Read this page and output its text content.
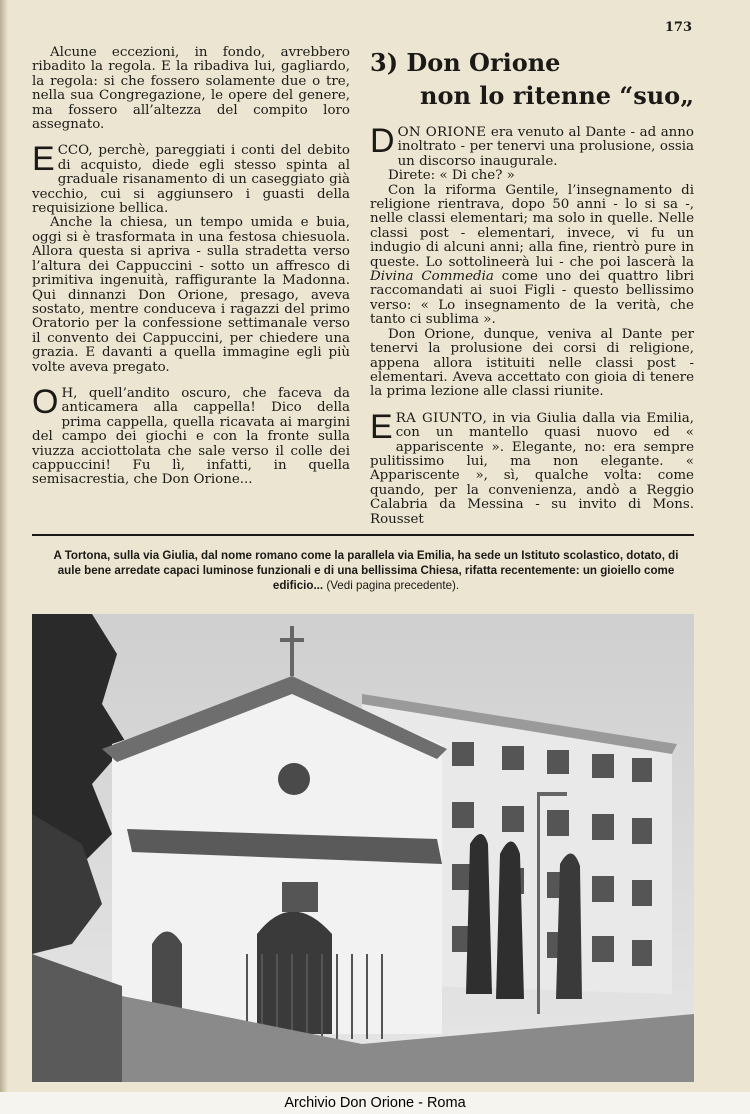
173

Alcune eccezioni, in fondo, avrebbero ribadito la regola. E la ribadiva lui, gagliardo, la regola: si che fossero solamente due o tre, nella sua Congregazione, le opere del genere, ma fossero all’altezza del compito loro assegnato.

ECCO, perchè, pareggiati i conti del debito di acquisto, diede egli stesso spinta al graduale risanamento di un caseggiato già vecchio, cui si aggiunsero i guasti della requisizione bellica.

Anche la chiesa, un tempo umida e buia, oggi si è trasformata in una festosa chiesuola. Allora questa si apriva - sulla stradetta verso l’altura dei Cappuccini - sotto un affresco di primitiva ingenuità, raffigurante la Madonna. Qui dinnanzi Don Orione, presago, aveva sostato, mentre conduceva i ragazzi del primo Oratorio per la confessione settimanale verso il convento dei Cappuccini, per chiedere una grazia. E davanti a quella immagine egli più volte aveva pregato.

O H, quell’andito oscuro, che faceva da anticamera alla cappella! Dico della prima cappella, quella ricavata ai margini del campo dei giochi e con la fronte sulla viuzza acciottolata che sale verso il colle dei cappuccini! Fu lì, infatti, in quella semisacrestia, che Don Orione...

3) Don Orione
non lo ritenne “suo„

DON ORIONE era venuto al Dante - ad anno inoltrato - per tenervi una prolusione, ossia un discorso inaugurale.

Direte: « Di che? »

Con la riforma Gentile, l’insegnamento di religione rientrava, dopo 50 anni - lo si sa -, nelle classi elementari; ma solo in quelle. Nelle classi post - elementari, invece, vi fu un indugio di alcuni anni; alla fine, rientrò pure in queste. Lo sottolineerà lui - che poi lascerà la Divina Commedia come uno dei quattro libri raccomandati ai suoi Figli - questo bellissimo verso: « Lo insegnamento de la verità, che tanto ci sublima ».

Don Orione, dunque, veniva al Dante per tenervi la prolusione dei corsi di religione, appena allora istituiti nelle classi post - elementari. Aveva accettato con gioia di tenere la prima lezione alle classi riunite.

ERA GIUNTO, in via Giulia dalla via Emilia, con un mantello quasi nuovo ed « appariscente ». Elegante, no: era sempre pulitissimo lui, ma non elegante. « Appariscente », sì, qualche volta: come quando, per la convenienza, andò a Reggio Calabria da Messina - su invito di Mons. Rousset

A Tortona, sulla via Giulia, dal nome romano come la parallela via Emilia, ha sede un Istituto scolastico, dotato, di aule bene arredate capaci luminose funzionali e di una bellissima Chiesa, rifatta recentemente: un gioiello come edificio... (Vedi pagina precedente).
Archivio Don Orione - Roma
